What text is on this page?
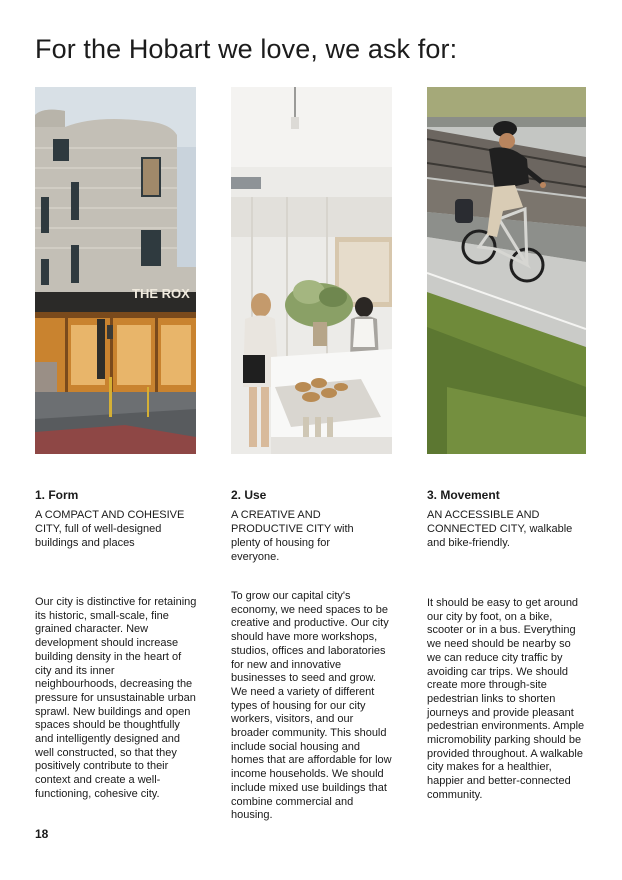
For the Hobart we love, we ask for:
THE ROX
1. Form

A COMPACT AND COHESIVE CITY, full of well-designed buildings and places

Our city is distinctive for retaining its historic, small-scale, fine grained character. New development should increase building density in the heart of city and its inner neighbourhoods, decreasing the pressure for unsustainable urban sprawl. New buildings and open spaces should be thoughtfully and intelligently designed and well constructed, so that they positively contribute to their context and create a well-functioning, cohesive city.

2. Use

A CREATIVE AND PRODUCTIVE CITY with plenty of housing for everyone.

To grow our capital city's economy, we need spaces to be creative and productive. Our city should have more workshops, studios, offices and laboratories for new and innovative businesses to seed and grow. We need a variety of different types of housing for our city workers, visitors, and our broader community. This should include social housing and homes that are affordable for low income households. We should include mixed use buildings that combine commercial and housing.

3. Movement

AN ACCESSIBLE AND CONNECTED CITY, walkable and bike-friendly.

It should be easy to get around our city by foot, on a bike, scooter or in a bus. Everything we need should be nearby so we can reduce city traffic by avoiding car trips. We should create more through-site pedestrian links to shorten journeys and provide pleasant pedestrian environments. Ample micromobility parking should be provided throughout. A walkable city makes for a healthier, happier and better-connected community.

18
